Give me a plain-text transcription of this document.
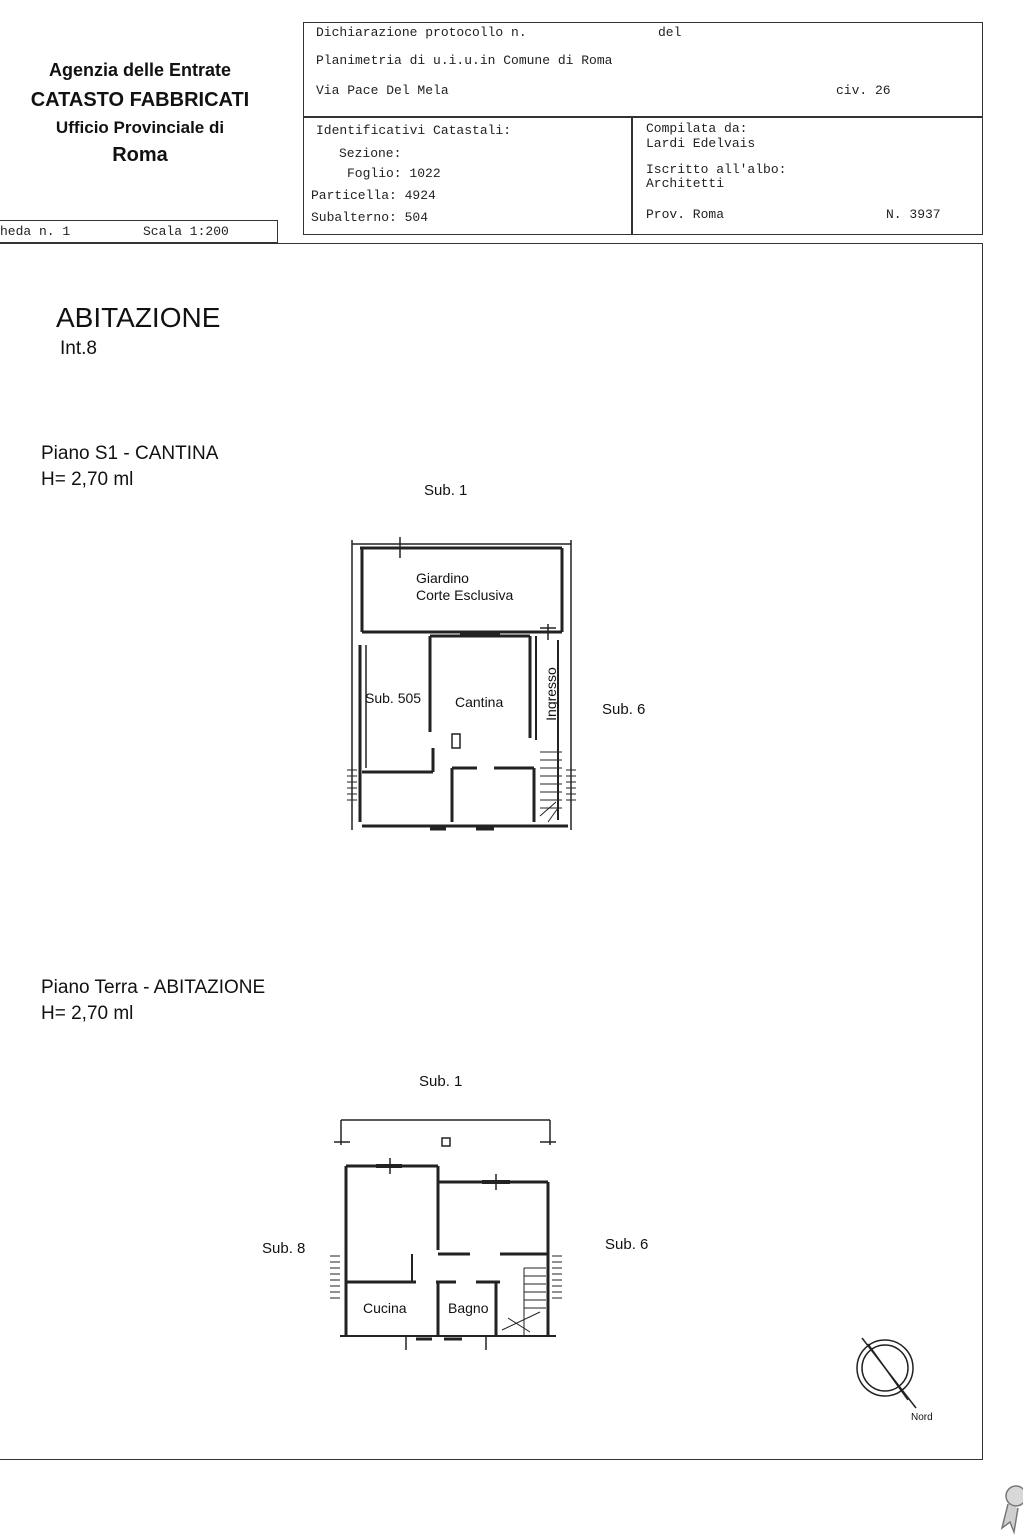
Agenzia delle Entrate
CATASTO FABBRICATI
Ufficio Provinciale di
Roma
Dichiarazione protocollo n.	del
Planimetria di u.i.u.in Comune di Roma
Via Pace Del Mela	civ. 26
Identificativi Catastali:
Sezione:
Foglio: 1022
Particella: 4924
Subalterno: 504
Compilata da:
Lardi Edelvais
Iscritto all'albo:
Architetti
Prov. Roma	N. 3937
heda n. 1	Scala 1:200
ABITAZIONE
Int.8
Piano S1 - CANTINA
H= 2,70 ml
Piano Terra - ABITAZIONE
H= 2,70 ml
Sub. 1
Giardino
Corte Esclusiva
Sub. 505 Cantina	Ingresso	Sub. 6
Sub. 1
Sub. 8	Sub. 6
Cucina	Bagno
Nord
